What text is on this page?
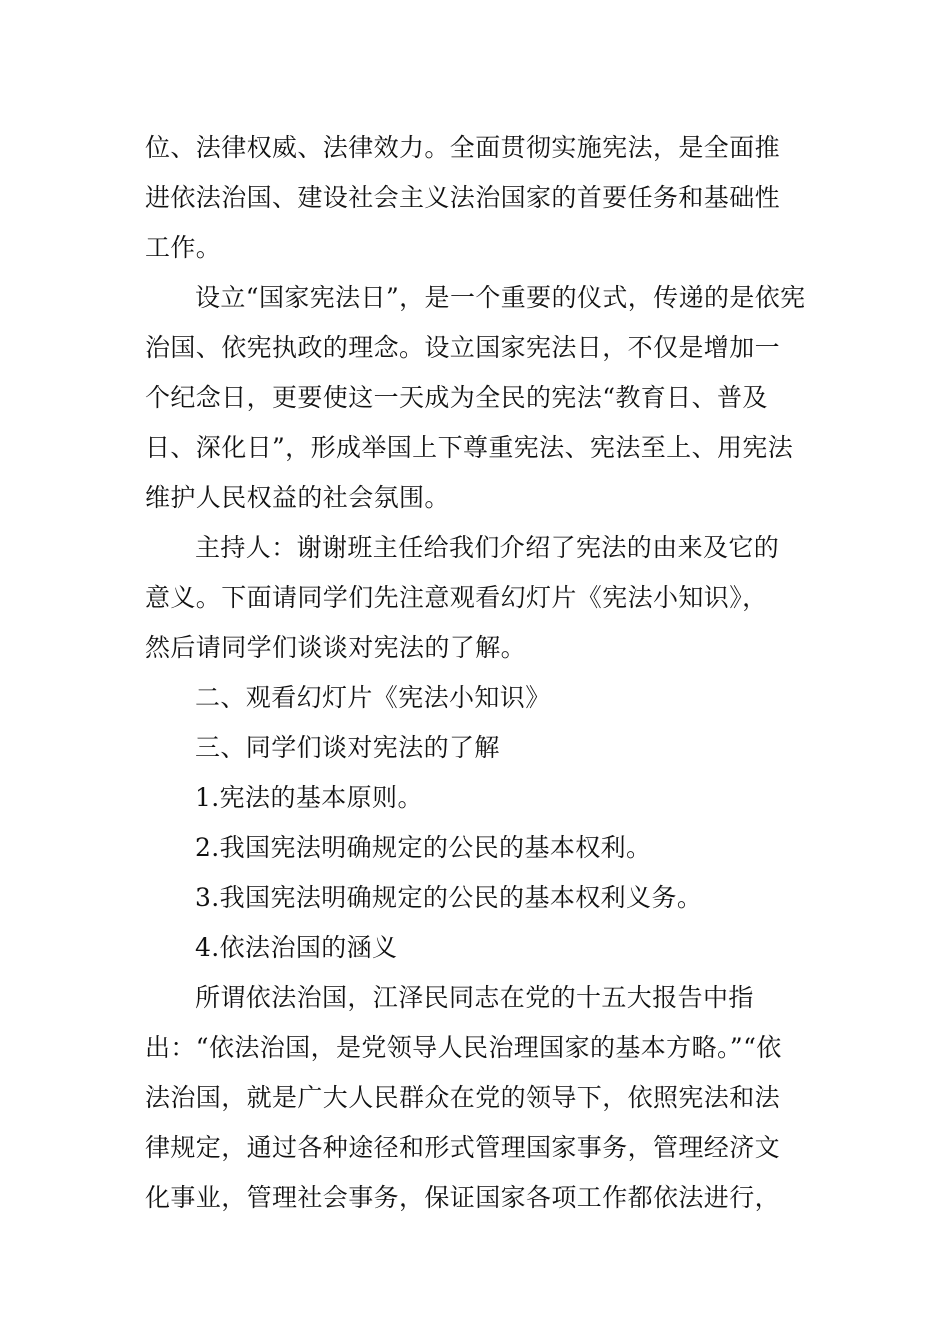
位、法律权威、法律效力。全面贯彻实施宪法，是全面推
进依法治国、建设社会主义法治国家的首要任务和基础性
工作。
设立“国家宪法日”，是一个重要的仪式，传递的是依宪
治国、依宪执政的理念。设立国家宪法日，不仅是增加一
个纪念日，更要使这一天成为全民的宪法“教育日、普及
日、深化日”，形成举国上下尊重宪法、宪法至上、用宪法
维护人民权益的社会氛围。
主持人：谢谢班主任给我们介绍了宪法的由来及它的
意义。下面请同学们先注意观看幻灯片《宪法小知识》，
然后请同学们谈谈对宪法的了解。
二、观看幻灯片《宪法小知识》
三、同学们谈对宪法的了解
1.宪法的基本原则。
2.我国宪法明确规定的公民的基本权利。
3.我国宪法明确规定的公民的基本权利义务。
4.依法治国的涵义
所谓依法治国，江泽民同志在党的十五大报告中指
出：“依法治国，是党领导人民治理国家的基本方略。”“依
法治国，就是广大人民群众在党的领导下，依照宪法和法
律规定，通过各种途径和形式管理国家事务，管理经济文
化事业，管理社会事务，保证国家各项工作都依法进行，
